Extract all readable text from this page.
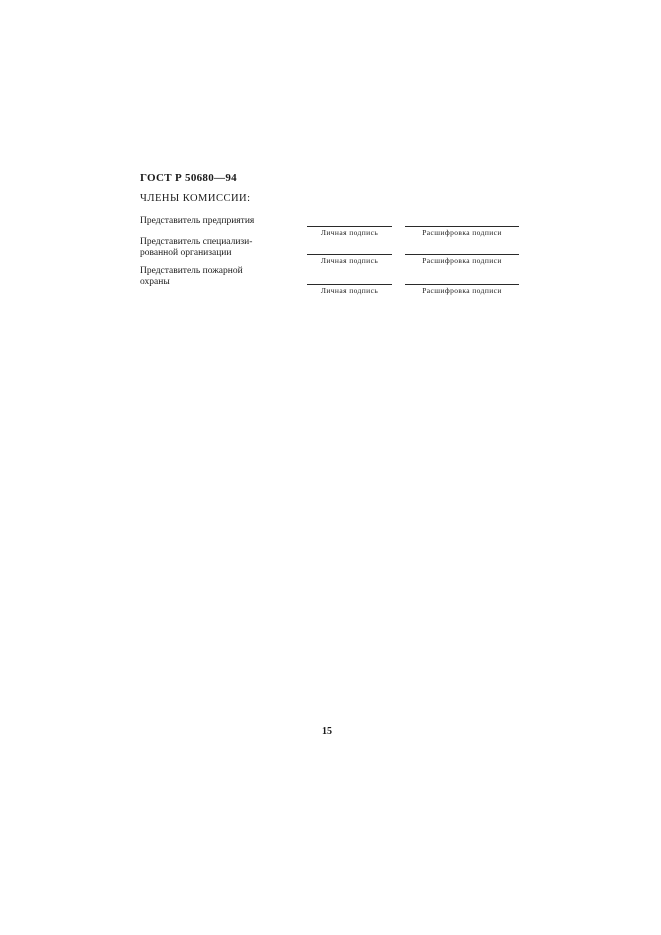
ГОСТ Р 50680—94
ЧЛЕНЫ КОМИССИИ:
Представитель предприятия
Личная подпись	Расшифровка подписи
Представитель специализи-
рованной организации
Личная подпись	Расшифровка подписи
Представитель пожарной
охраны
Личная подпись	Расшифровка подписи
15
